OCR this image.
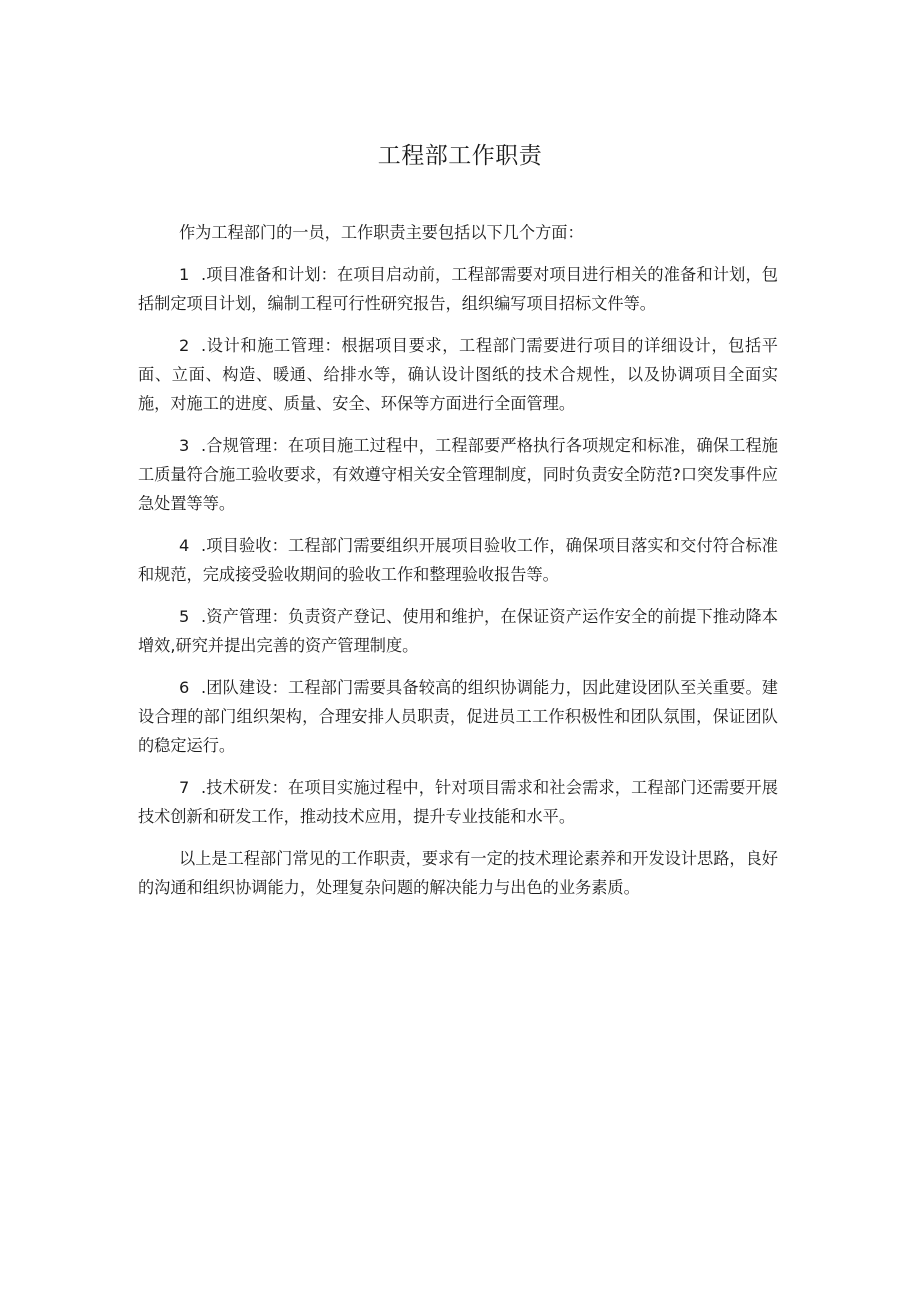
工程部工作职责

作为工程部门的一员，工作职责主要包括以下几个方面：

1 .项目准备和计划：在项目启动前，工程部需要对项目进行相关的准备和计划，包括制定项目计划，编制工程可行性研究报告，组织编写项目招标文件等。

2 .设计和施工管理：根据项目要求，工程部门需要进行项目的详细设计，包括平面、立面、构造、暖通、给排水等，确认设计图纸的技术合规性，以及协调项目全面实施，对施工的进度、质量、安全、环保等方面进行全面管理。

3 .合规管理：在项目施工过程中，工程部要严格执行各项规定和标准，确保工程施工质量符合施工验收要求，有效遵守相关安全管理制度，同时负责安全防范?口突发事件应急处置等等。

4 .项目验收：工程部门需要组织开展项目验收工作，确保项目落实和交付符合标准和规范，完成接受验收期间的验收工作和整理验收报告等。

5 .资产管理：负责资产登记、使用和维护，在保证资产运作安全的前提下推动降本增效,研究并提出完善的资产管理制度。

6 .团队建设：工程部门需要具备较高的组织协调能力，因此建设团队至关重要。建设合理的部门组织架构，合理安排人员职责，促进员工工作积极性和团队氛围，保证团队的稳定运行。

7 .技术研发：在项目实施过程中，针对项目需求和社会需求，工程部门还需要开展技术创新和研发工作，推动技术应用，提升专业技能和水平。

以上是工程部门常见的工作职责，要求有一定的技术理论素养和开发设计思路，良好的沟通和组织协调能力，处理复杂问题的解决能力与出色的业务素质。
